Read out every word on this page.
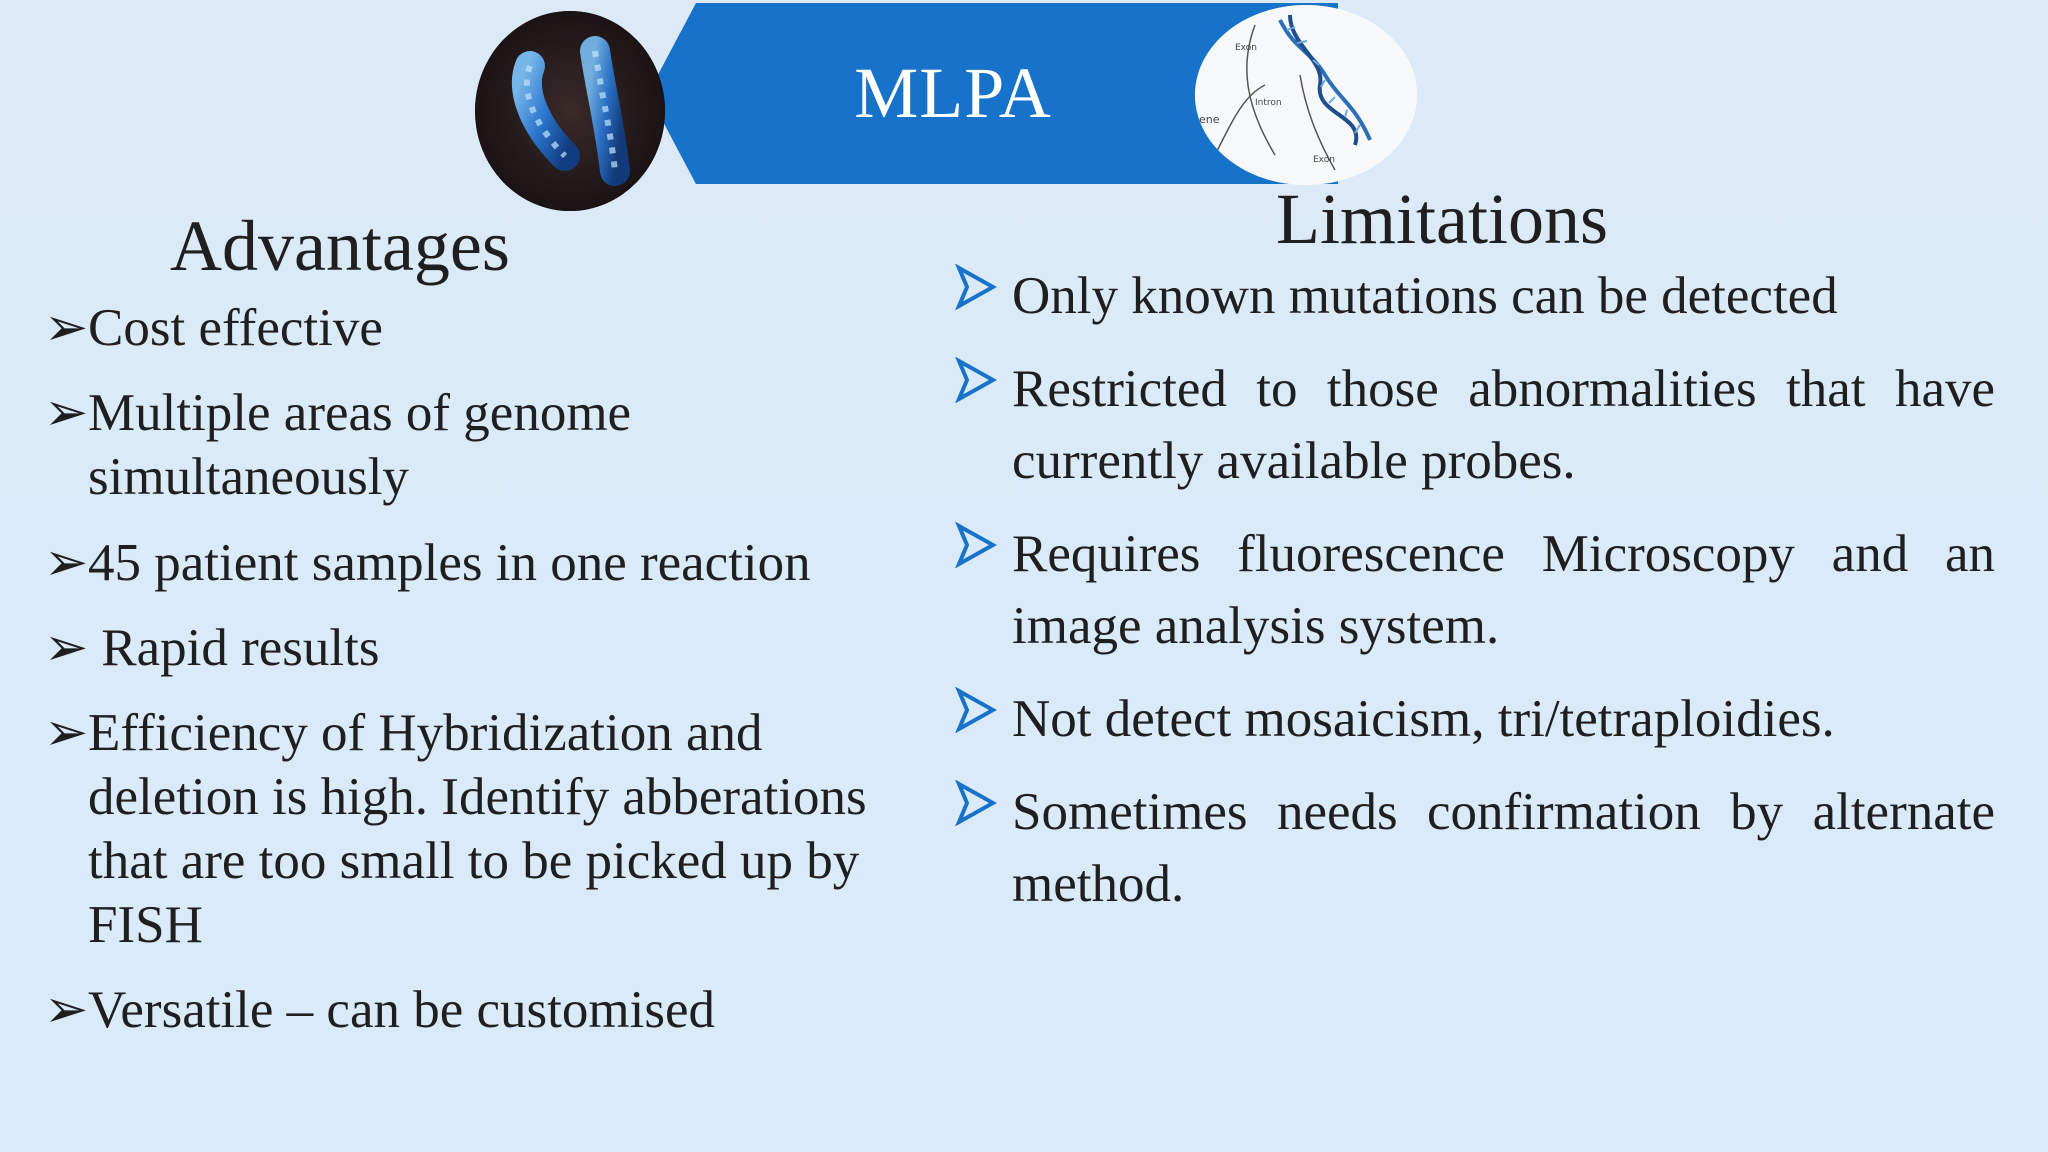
MLPA
Exon
Intron
ene
Exon
Advantages	Limitations
➢ Cost effective
➢ Multiple areas of genome simultaneously
➢ 45 patient samples in one reaction
➢ Rapid results
➢ Efficiency of Hybridization and deletion is high. Identify abberations that are too small to be picked up by FISH
➢ Versatile – can be customised
Only known mutations can be detected
Restricted to those abnormalities that have currently available probes.
Requires fluorescence Microscopy and an image analysis system.
Not detect mosaicism, tri/tetraploidies.
Sometimes needs confirmation by alternate method.
